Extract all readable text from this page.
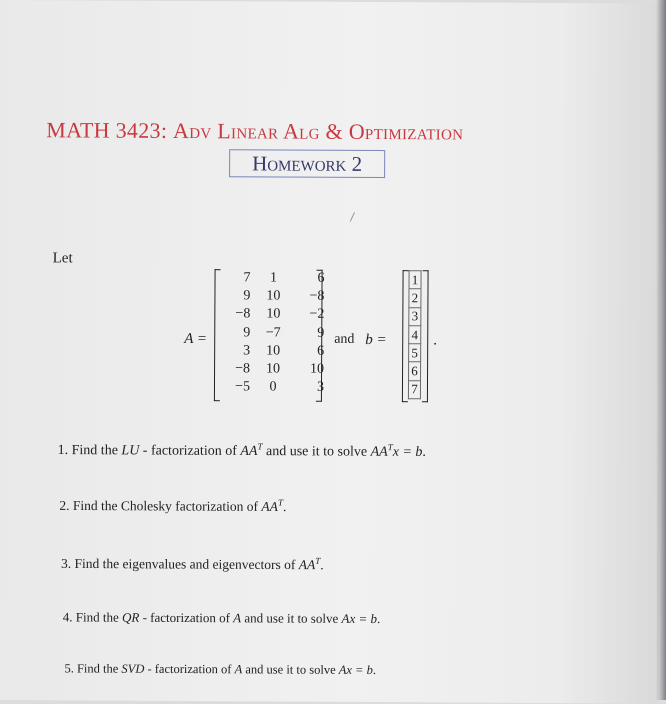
MATH 3423: Adv Linear Alg & Optimization
Homework 2
Let
A =
7	1	6
9	10	−8
−8	10	−2
9	−7	9
3	10	6
−8	10	10
−5	0	3
and b =
1
2
3
4
5
6
7
.
1. Find the LU - factorization of $AA^T$ and use it to solve $AA^Tx = b$.
2. Find the Cholesky factorization of $AA^T$.
3. Find the eigenvalues and eigenvectors of $AA^T$.
4. Find the QR - factorization of A and use it to solve Ax = b.
5. Find the SVD - factorization of A and use it to solve Ax = b.
